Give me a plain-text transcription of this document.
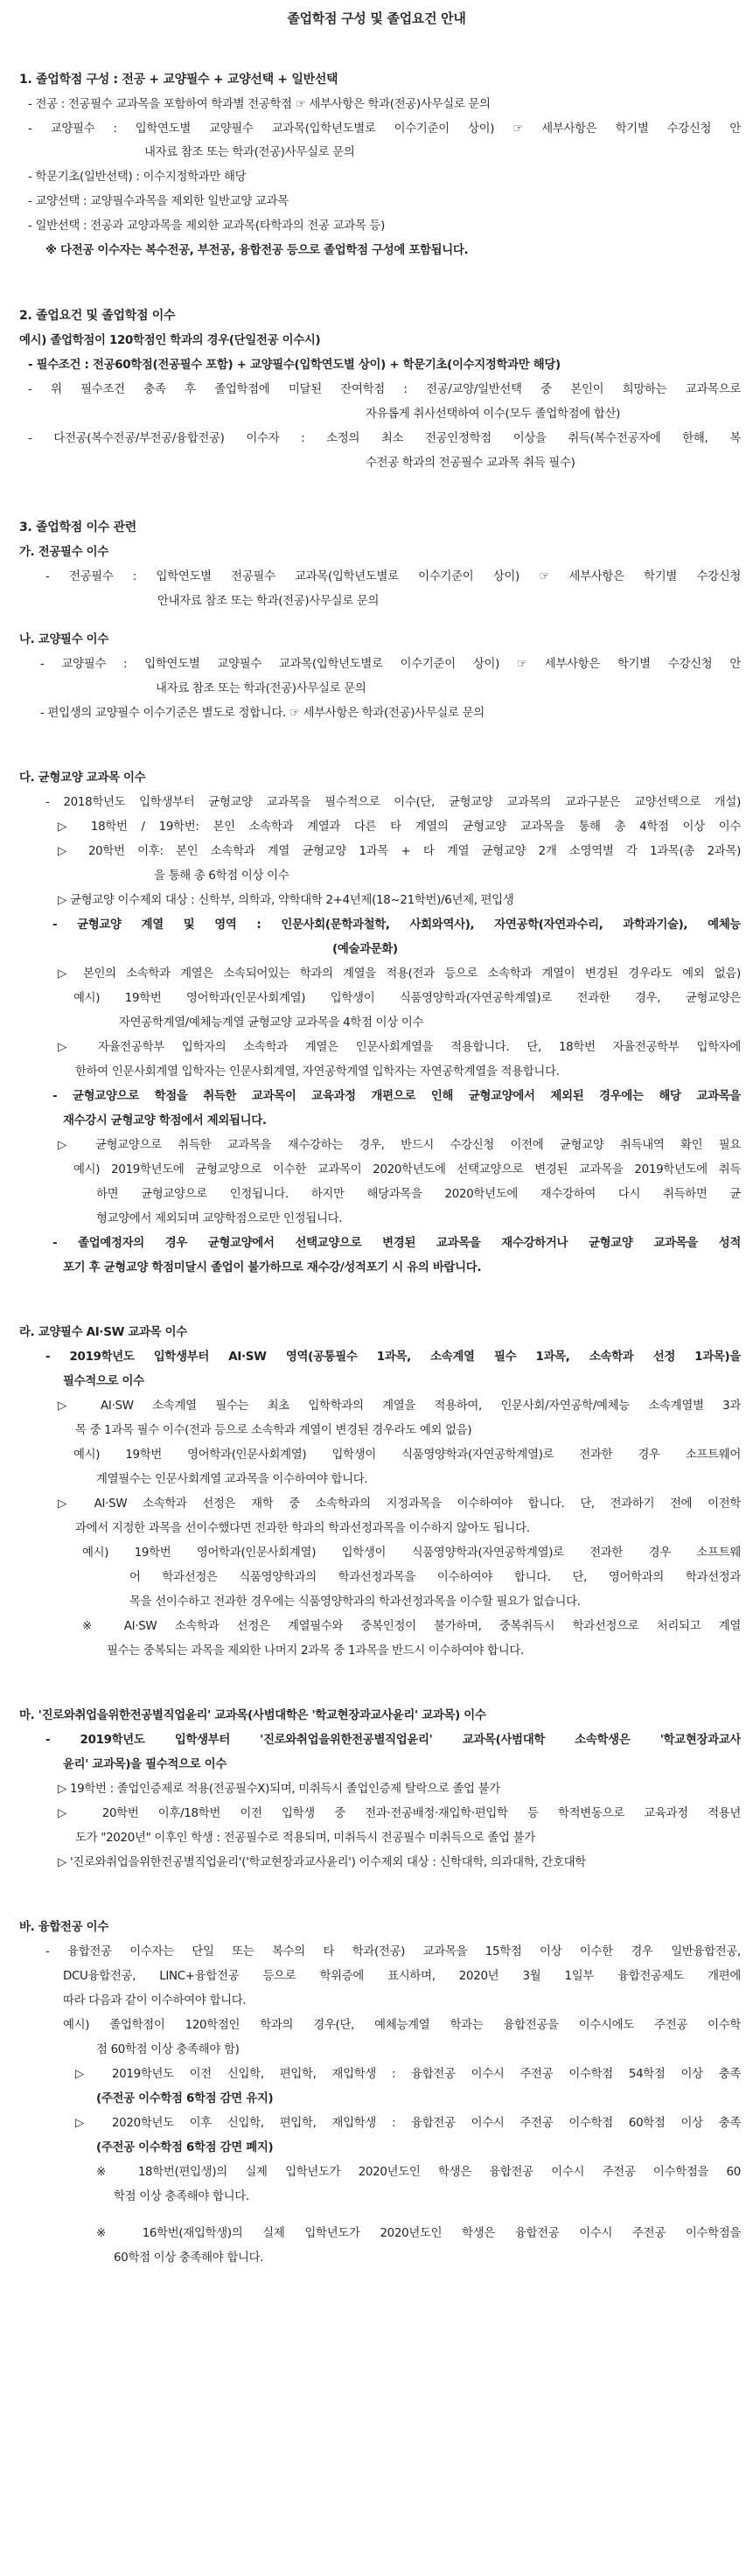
졸업학점 구성 및 졸업요건 안내
1. 졸업학점 구성 : 전공 + 교양필수 + 교양선택 + 일반선택
- 전공 : 전공필수 교과목을 포함하여 학과별 전공학점 ☞ 세부사항은 학과(전공)사무실로 문의
- 교양필수 : 입학연도별 교양필수 교과목(입학년도별로 이수기준이 상이) ☞ 세부사항은 학기별 수강신청 안
내자료 참조 또는 학과(전공)사무실로 문의
- 학문기초(일반선택) : 이수지정학과만 해당
- 교양선택 : 교양필수과목을 제외한 일반교양 교과목
- 일반선택 : 전공과 교양과목을 제외한 교과목(타학과의 전공 교과목 등)
※ 다전공 이수자는 복수전공, 부전공, 융합전공 등으로 졸업학점 구성에 포함됩니다.
2. 졸업요건 및 졸업학점 이수
예시) 졸업학점이 120학점인 학과의 경우(단일전공 이수시)
- 필수조건 : 전공60학점(전공필수 포함) + 교양필수(입학연도별 상이) + 학문기초(이수지정학과만 해당)
- 위 필수조건 충족 후 졸업학점에 미달된 잔여학점 : 전공/교양/일반선택 중 본인이 희망하는 교과목으로
자유롭게 취사선택하여 이수(모두 졸업학점에 합산)
- 다전공(복수전공/부전공/융합전공) 이수자 : 소정의 최소 전공인정학점 이상을 취득(복수전공자에 한해, 복
수전공 학과의 전공필수 교과목 취득 필수)
3. 졸업학점 이수 관련
가. 전공필수 이수
- 전공필수 : 입학연도별 전공필수 교과목(입학년도별로 이수기준이 상이) ☞ 세부사항은 학기별 수강신청
안내자료 참조 또는 학과(전공)사무실로 문의
나. 교양필수 이수
- 교양필수 : 입학연도별 교양필수 교과목(입학년도별로 이수기준이 상이) ☞ 세부사항은 학기별 수강신청 안
내자료 참조 또는 학과(전공)사무실로 문의
- 편입생의 교양필수 이수기준은 별도로 정합니다. ☞ 세부사항은 학과(전공)사무실로 문의
다. 균형교양 교과목 이수
- 2018학년도 입학생부터 균형교양 교과목을 필수적으로 이수(단, 균형교양 교과목의 교과구분은 교양선택으로 개설)
▷ 18학번 / 19학번: 본인 소속학과 계열과 다른 타 계열의 균형교양 교과목을 통해 총 4학점 이상 이수
▷ 20학번 이후: 본인 소속학과 계열 균형교양 1과목 + 타 계열 균형교양 2개 소영역별 각 1과목(총 2과목)
을 통해 총 6학점 이상 이수
▷ 균형교양 이수제외 대상 : 신학부, 의학과, 약학대학 2+4년제(18~21학번)/6년제, 편입생
- 균형교양 계열 및 영역 : 인문사회(문학과철학, 사회와역사), 자연공학(자연과수리, 과학과기술), 예체능
(예술과문화)
▷ 본인의 소속학과 계열은 소속되어있는 학과의 계열을 적용(전과 등으로 소속학과 계열이 변경된 경우라도 예외 없음)
예시) 19학번 영어학과(인문사회계열) 입학생이 식품영양학과(자연공학계열)로 전과한 경우, 균형교양은
자연공학계열/예체능계열 균형교양 교과목을 4학점 이상 이수
▷ 자율전공학부 입학자의 소속학과 계열은 인문사회계열을 적용합니다. 단, 18학번 자율전공학부 입학자에
한하여 인문사회계열 입학자는 인문사회계열, 자연공학계열 입학자는 자연공학계열을 적용합니다.
- 균형교양으로 학점을 취득한 교과목이 교육과정 개편으로 인해 균형교양에서 제외된 경우에는 해당 교과목을
재수강시 균형교양 학점에서 제외됩니다.
▷ 균형교양으로 취득한 교과목을 재수강하는 경우, 반드시 수강신청 이전에 균형교양 취득내역 확인 필요
예시) 2019학년도에 균형교양으로 이수한 교과목이 2020학년도에 선택교양으로 변경된 교과목을 2019학년도에 취득
하면 균형교양으로 인정됩니다. 하지만 해당과목을 2020학년도에 재수강하여 다시 취득하면 균
형교양에서 제외되며 교양학점으로만 인정됩니다.
- 졸업예정자의 경우 균형교양에서 선택교양으로 변경된 교과목을 재수강하거나 균형교양 교과목을 성적
포기 후 균형교양 학점미달시 졸업이 불가하므로 재수강/성적포기 시 유의 바랍니다.
라. 교양필수 AI·SW 교과목 이수
- 2019학년도 입학생부터 AI·SW 영역(공통필수 1과목, 소속계열 필수 1과목, 소속학과 선정 1과목)을
필수적으로 이수
▷ AI·SW 소속계열 필수는 최초 입학학과의 계열을 적용하여, 인문사회/자연공학/예체능 소속계열별 3과
목 중 1과목 필수 이수(전과 등으로 소속학과 계열이 변경된 경우라도 예외 없음)
예시) 19학번 영어학과(인문사회계열) 입학생이 식품영양학과(자연공학계열)로 전과한 경우 소프트웨어
계열필수는 인문사회계열 교과목을 이수하여야 합니다.
▷ AI·SW 소속학과 선정은 재학 중 소속학과의 지정과목을 이수하여야 합니다. 단, 전과하기 전에 이전학
과에서 지정한 과목을 선이수했다면 전과한 학과의 학과선정과목을 이수하지 않아도 됩니다.
예시) 19학번 영어학과(인문사회계열) 입학생이 식품영양학과(자연공학계열)로 전과한 경우 소프트웨
어 학과선정은 식품영양학과의 학과선정과목을 이수하여야 합니다. 단, 영어학과의 학과선정과
목을 선이수하고 전과한 경우에는 식품영양학과의 학과선정과목을 이수할 필요가 없습니다.
※ AI·SW 소속학과 선정은 계열필수와 중복인정이 불가하며, 중복취득시 학과선정으로 처리되고 계열
필수는 중복되는 과목을 제외한 나머지 2과목 중 1과목을 반드시 이수하여야 합니다.
마. '진로와취업을위한전공별직업윤리' 교과목(사범대학은 '학교현장과교사윤리' 교과목) 이수
- 2019학년도 입학생부터 '진로와취업을위한전공별직업윤리' 교과목(사범대학 소속학생은 '학교현장과교사
윤리' 교과목)을 필수적으로 이수
▷ 19학번 : 졸업인증제로 적용(전공필수X)되며, 미취득시 졸업인증제 탈락으로 졸업 불가
▷ 20학번 이후/18학번 이전 입학생 중 전과·전공배정·재입학·편입학 등 학적변동으로 교육과정 적용년
도가 "2020년" 이후인 학생 : 전공필수로 적용되며, 미취득시 전공필수 미취득으로 졸업 불가
▷ '진로와취업을위한전공별직업윤리'('학교현장과교사윤리') 이수제외 대상 : 신학대학, 의과대학, 간호대학
바. 융합전공 이수
- 융합전공 이수자는 단일 또는 복수의 타 학과(전공) 교과목을 15학점 이상 이수한 경우 일반융합전공,
DCU융합전공, LINC+융합전공 등으로 학위증에 표시하며, 2020년 3월 1일부 융합전공제도 개편에
따라 다음과 같이 이수하여야 합니다.
예시) 졸업학점이 120학점인 학과의 경우(단, 예체능계열 학과는 융합전공을 이수시에도 주전공 이수학
점 60학점 이상 충족해야 함)
▷ 2019학년도 이전 신입학, 편입학, 재입학생 : 융합전공 이수시 주전공 이수학점 54학점 이상 충족
(주전공 이수학점 6학점 감면 유지)
▷ 2020학년도 이후 신입학, 편입학, 재입학생 : 융합전공 이수시 주전공 이수학점 60학점 이상 충족
(주전공 이수학점 6학점 감면 폐지)
※ 18학번(편입생)의 실제 입학년도가 2020년도인 학생은 융합전공 이수시 주전공 이수학점을 60
학점 이상 충족해야 합니다.
※ 16학번(재입학생)의 실제 입학년도가 2020년도인 학생은 융합전공 이수시 주전공 이수학점을
60학점 이상 충족해야 합니다.
